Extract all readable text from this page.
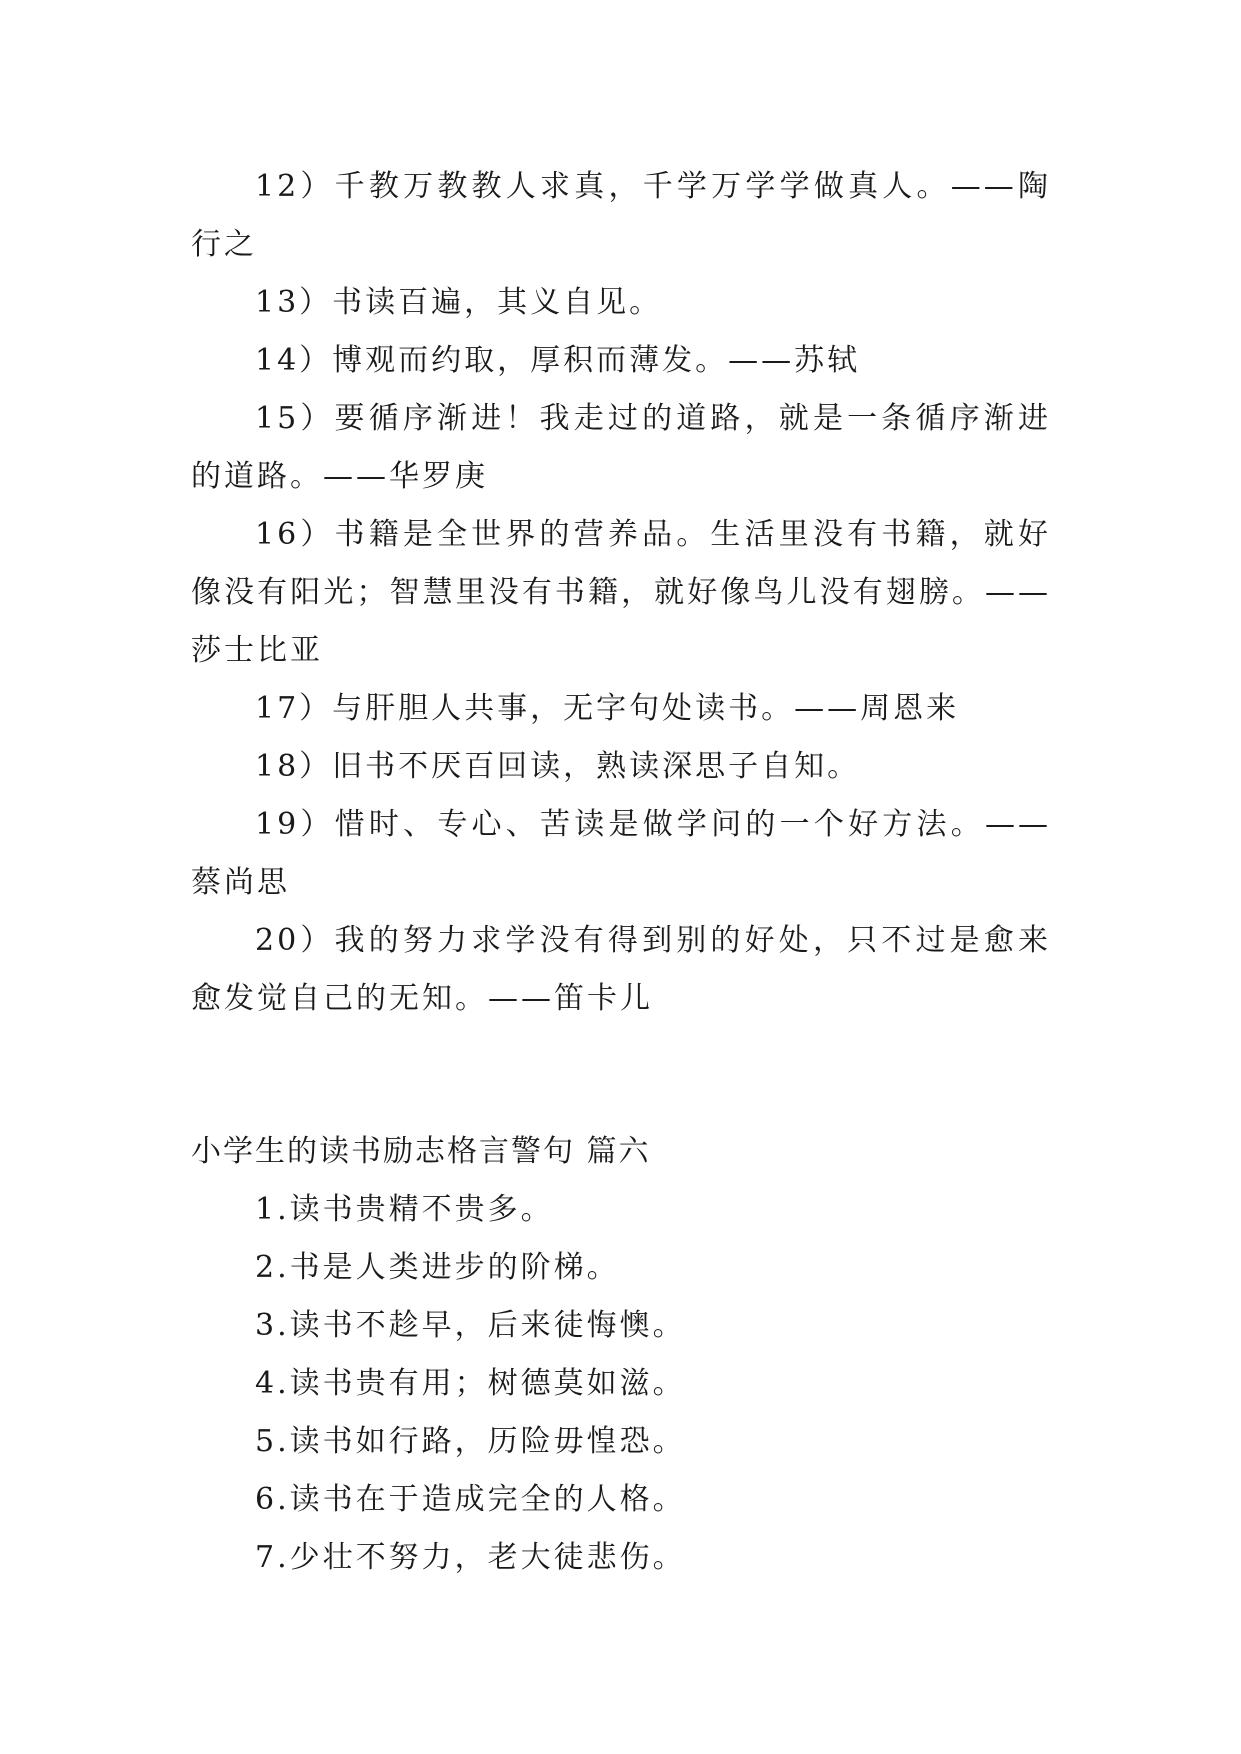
12）千教万教教人求真，千学万学学做真人。——陶行之

13）书读百遍，其义自见。

14）博观而约取，厚积而薄发。——苏轼

15）要循序渐进！我走过的道路，就是一条循序渐进的道路。——华罗庚

16）书籍是全世界的营养品。生活里没有书籍，就好像没有阳光；智慧里没有书籍，就好像鸟儿没有翅膀。——莎士比亚

17）与肝胆人共事，无字句处读书。——周恩来

18）旧书不厌百回读，熟读深思子自知。

19）惜时、专心、苦读是做学问的一个好方法。——蔡尚思

20）我的努力求学没有得到别的好处，只不过是愈来愈发觉自己的无知。——笛卡儿

小学生的读书励志格言警句 篇六

1.读书贵精不贵多。

2.书是人类进步的阶梯。

3.读书不趁早，后来徒悔懊。

4.读书贵有用；树德莫如滋。

5.读书如行路，历险毋惶恐。

6.读书在于造成完全的人格。

7.少壮不努力，老大徒悲伤。
